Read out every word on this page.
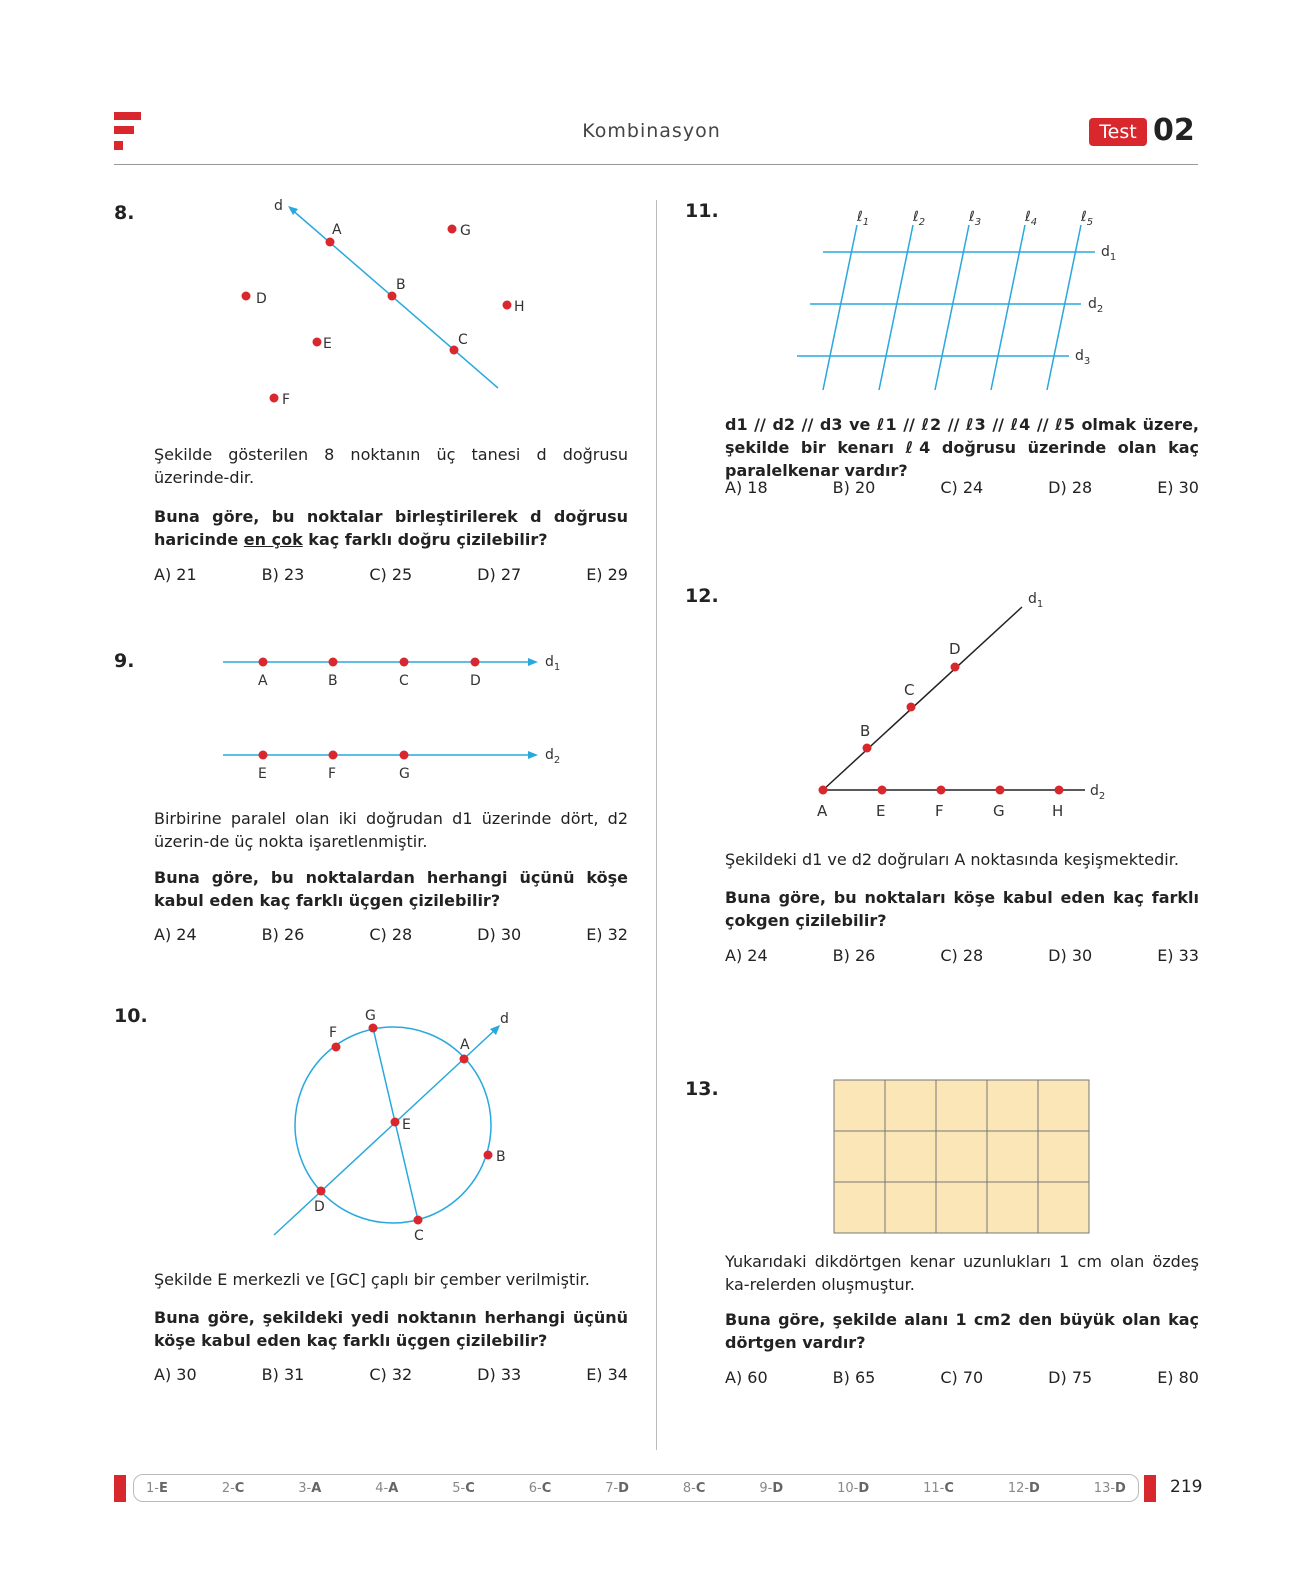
Kombinasyon	Test 02
8.	d
A
B
C
G
D	H
E
F
Şekilde gösterilen 8 noktanın üç tanesi d doğrusu üzerinde-dir.
Buna göre, bu noktalar birleştirilerek d doğrusu haricinde en çok kaç farklı doğru çizilebilir?
A) 21	B) 23	C) 25	D) 27	E) 29
9.	$d_1$
A	B	C	D
$d_2$
E	F	G
Birbirine paralel olan iki doğrudan d1 üzerinde dört, d2 üzerin-de üç nokta işaretlenmiştir.
Buna göre, bu noktalardan herhangi üçünü köşe kabul eden kaç farklı üçgen çizilebilir?
A) 24	B) 26	C) 28	D) 30	E) 32
10.	d
G
F
A
E
B
D
C
Şekilde E merkezli ve [GC] çaplı bir çember verilmiştir.
Buna göre, şekildeki yedi noktanın herhangi üçünü köşe kabul eden kaç farklı üçgen çizilebilir?
A) 30	B) 31	C) 32	D) 33	E) 34
11.	ℓ$_1$	ℓ$_2$	ℓ$_3$	ℓ$_4$	ℓ$_5$
$d_1$
$d_2$
$d_3$
d1 // d2 // d3 ve ℓ1 // ℓ2 // ℓ3 // ℓ4 // ℓ5 olmak üzere, şekilde bir kenarı ℓ4 doğrusu üzerinde olan kaç paralelkenar vardır?
A) 18	B) 20	C) 24	D) 28	E) 30
12.	$d_1$
$d_2$
A
B
C
D
E	F	G	H
Şekildeki d1 ve d2 doğruları A noktasında keşişmektedir.
Buna göre, bu noktaları köşe kabul eden kaç farklı çokgen çizilebilir?
A) 24	B) 26	C) 28	D) 30	E) 33
13.
Yukarıdaki dikdörtgen kenar uzunlukları 1 cm olan özdeş ka-relerden oluşmuştur.
Buna göre, şekilde alanı 1 cm2 den büyük olan kaç dörtgen vardır?
A) 60	B) 65	C) 70	D) 75	E) 80
1-E	2-C	3-A	4-A	5-C	6-C	7-D	8-C	9-D	10-D	11-C	12-D	13-D	219
